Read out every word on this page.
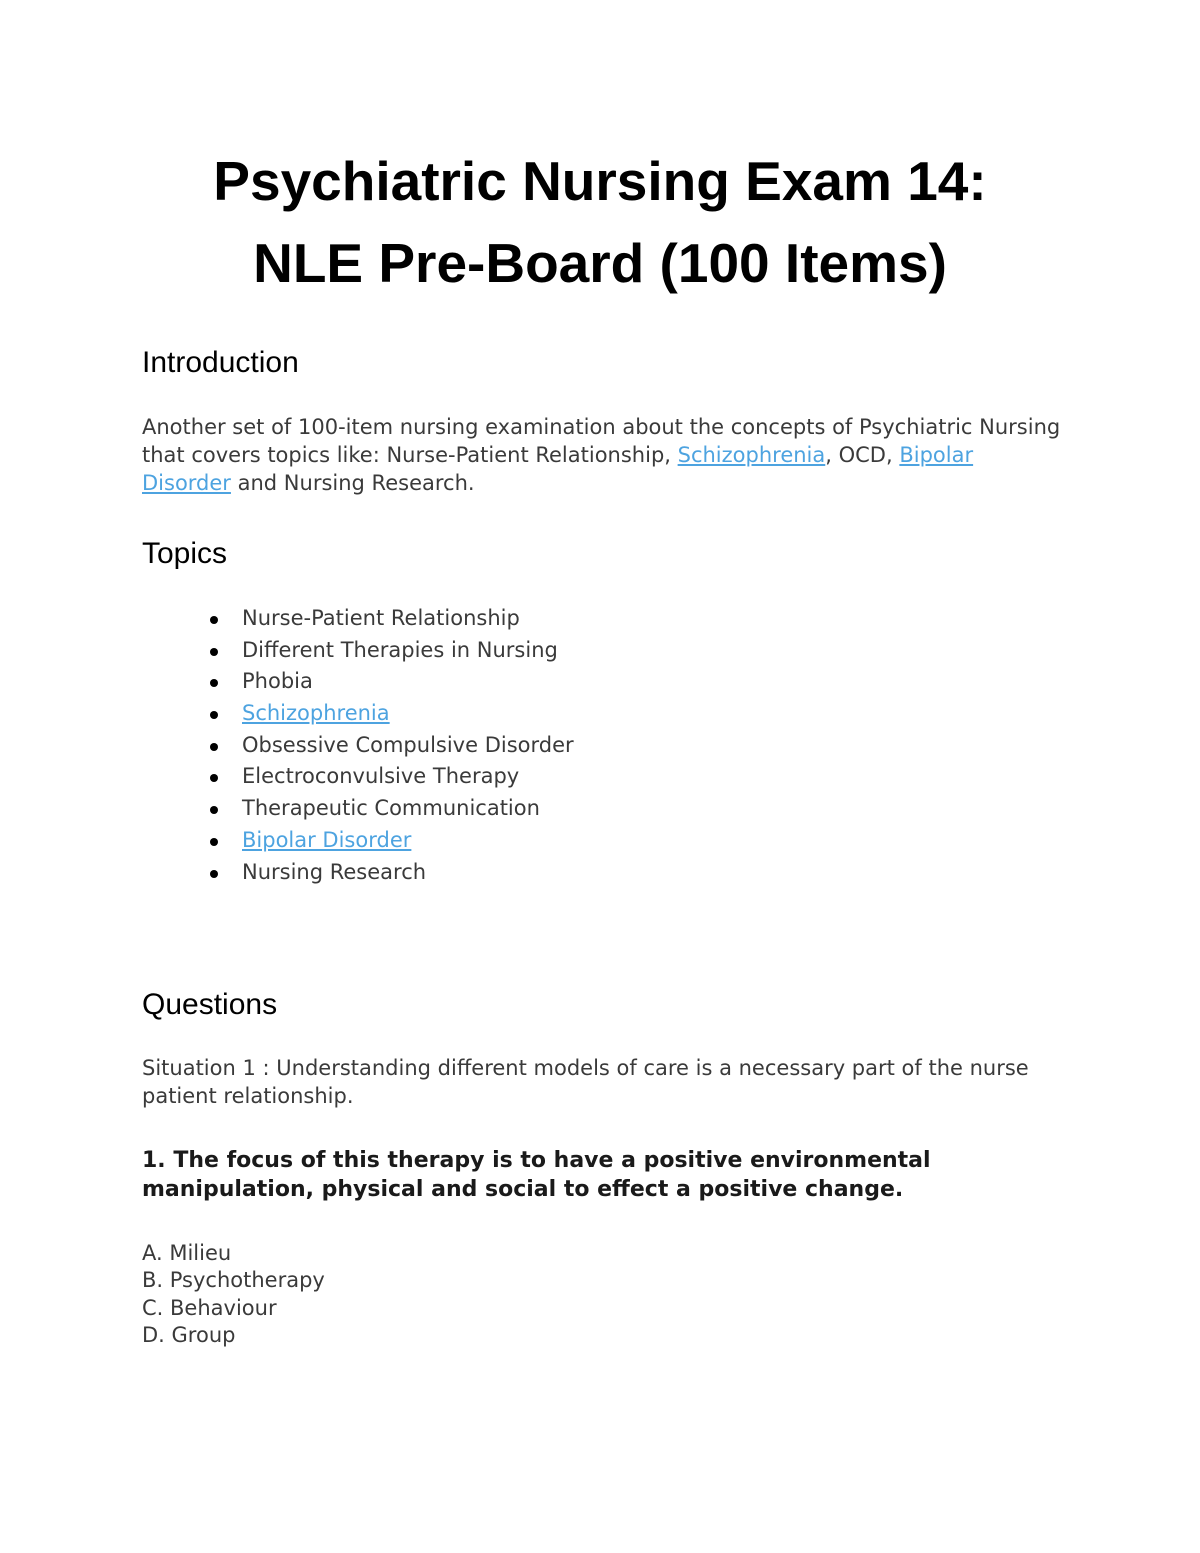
Psychiatric Nursing Exam 14:
NLE Pre-Board (100 Items)
Introduction

Another set of 100-item nursing examination about the concepts of Psychiatric Nursing that covers topics like: Nurse-Patient Relationship, Schizophrenia, OCD, Bipolar Disorder and Nursing Research.

Topics
Nurse-Patient Relationship
Different Therapies in Nursing
Phobia
Schizophrenia
Obsessive Compulsive Disorder
Electroconvulsive Therapy
Therapeutic Communication
Bipolar Disorder
Nursing Research
Questions

Situation 1 : Understanding different models of care is a necessary part of the nurse patient relationship.

1. The focus of this therapy is to have a positive environmental manipulation, physical and social to effect a positive change.

A. Milieu
B. Psychotherapy
C. Behaviour
D. Group
